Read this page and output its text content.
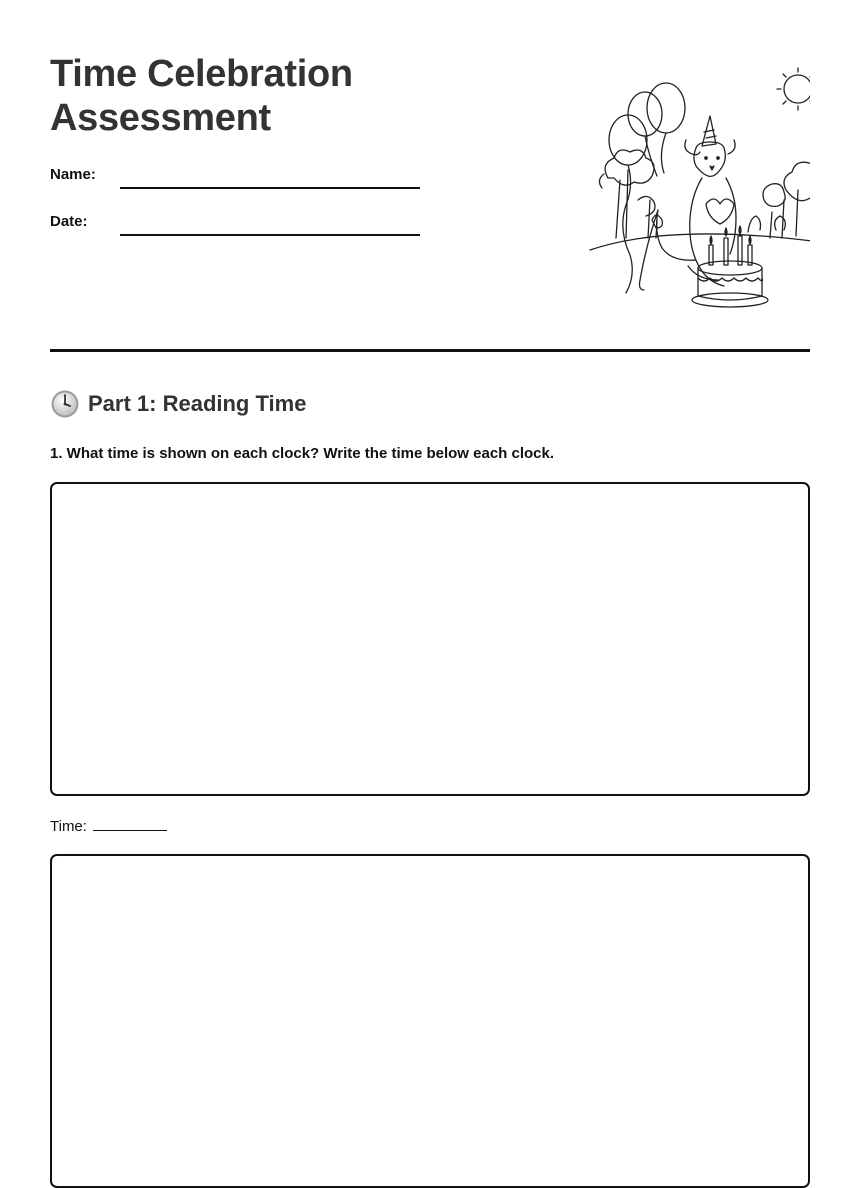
Time Celebration
Assessment
Name:
Date:
Part 1: Reading Time

1. What time is shown on each clock? Write the time below each clock.

Time:
